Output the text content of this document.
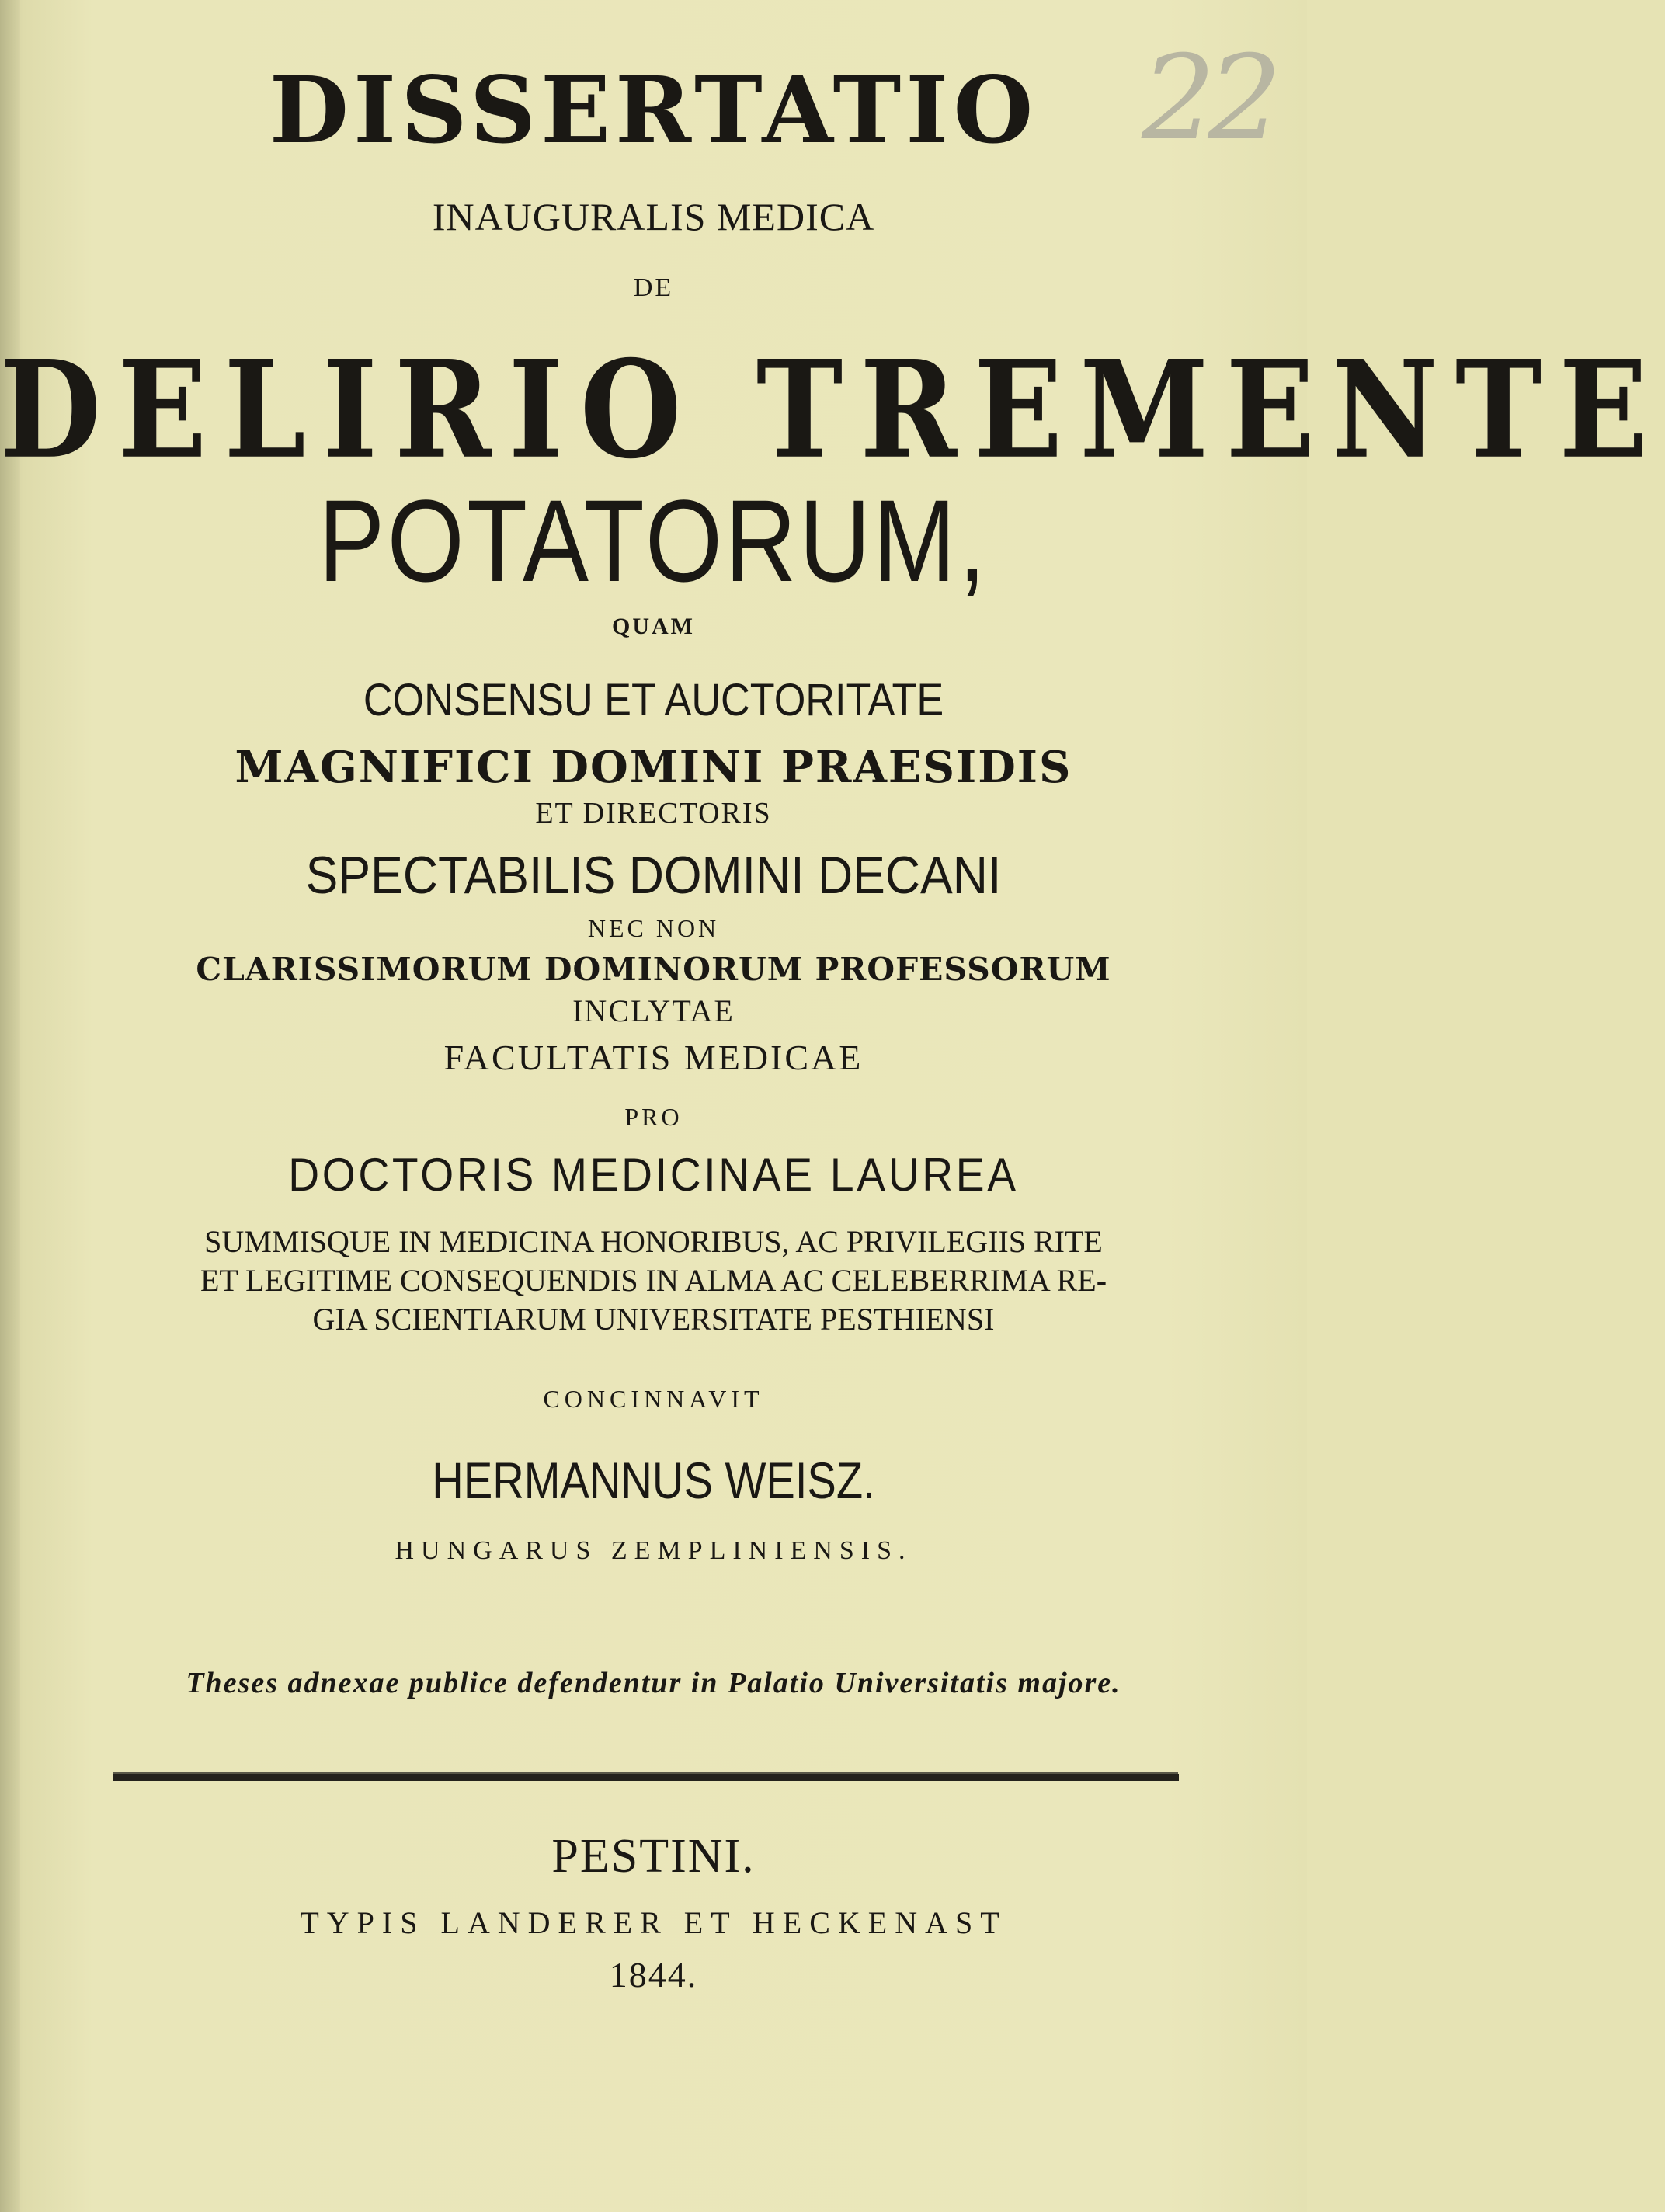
22
DISSERTATIO
INAUGURALIS MEDICA
DE
DELIRIO TREMENTE
POTATORUM,
QUAM
CONSENSU ET AUCTORITATE
MAGNIFICI DOMINI PRAESIDIS
ET DIRECTORIS
SPECTABILIS DOMINI DECANI
NEC NON
CLARISSIMORUM DOMINORUM PROFESSORUM
INCLYTAE
FACULTATIS MEDICAE
PRO
DOCTORIS MEDICINAE LAUREA
SUMMISQUE IN MEDICINA HONORIBUS, AC PRIVILEGIIS RITE
ET LEGITIME CONSEQUENDIS IN ALMA AC CELEBERRIMA RE-
GIA SCIENTIARUM UNIVERSITATE PESTHIENSI
CONCINNAVIT
HERMANNUS WEISZ.
HUNGARUS ZEMPLINIENSIS.
Theses adnexae publice defendentur in Palatio Universitatis majore.
PESTINI.
TYPIS LANDERER ET HECKENAST
1844.
